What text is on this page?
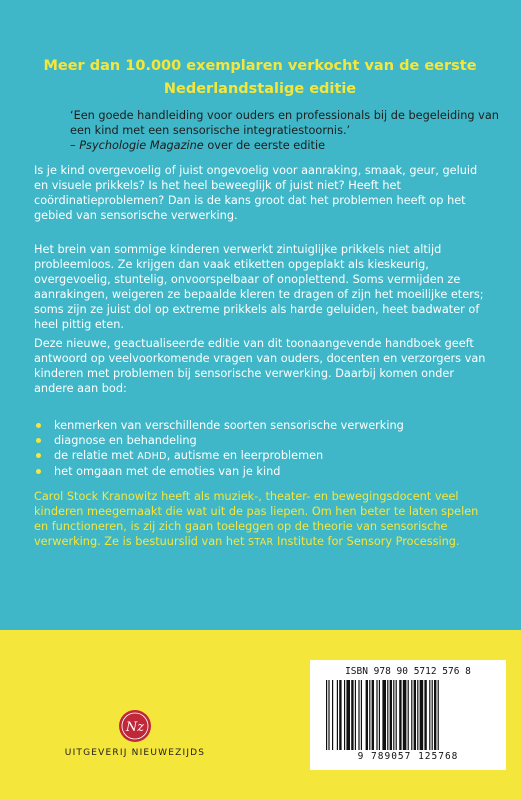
Meer dan 10.000 exemplaren verkocht van de eerste Nederlandstalige editie
‘Een goede handleiding voor ouders en professionals bij de begeleiding van een kind met een sensorische integratiestoornis.’
– Psychologie Magazine over de eerste editie
Is je kind overgevoelig of juist ongevoelig voor aanraking, smaak, geur, geluid en visuele prikkels? Is het heel beweeglijk of juist niet? Heeft het coördinatieproblemen? Dan is de kans groot dat het problemen heeft op het gebied van sensorische verwerking.
Het brein van sommige kinderen verwerkt zintuiglijke prikkels niet altijd probleemloos. Ze krijgen dan vaak etiketten opgeplakt als kieskeurig, overgevoelig, stuntelig, onvoorspelbaar of onoplettend. Soms vermijden ze aanrakingen, weigeren ze bepaalde kleren te dragen of zijn het moeilijke eters; soms zijn ze juist dol op extreme prikkels als harde geluiden, heet badwater of heel pittig eten.
Deze nieuwe, geactualiseerde editie van dit toonaangevende handboek geeft antwoord op veelvoorkomende vragen van ouders, docenten en verzorgers van kinderen met problemen bij sensorische verwerking. Daarbij komen onder andere aan bod:
kenmerken van verschillende soorten sensorische verwerking
diagnose en behandeling
de relatie met ADHD, autisme en leerproblemen
het omgaan met de emoties van je kind
Carol Stock Kranowitz heeft als muziek-, theater- en bewegingsdocent veel kinderen meegemaakt die wat uit de pas liepen. Om hen beter te laten spelen en functioneren, is zij zich gaan toeleggen op de theorie van sensorische verwerking. Ze is bestuurslid van het STAR Institute for Sensory Processing.
Nz
UITGEVERIJ NIEUWEZIJDS
ISBN 978 90 5712 576 8
9 789057 125768
